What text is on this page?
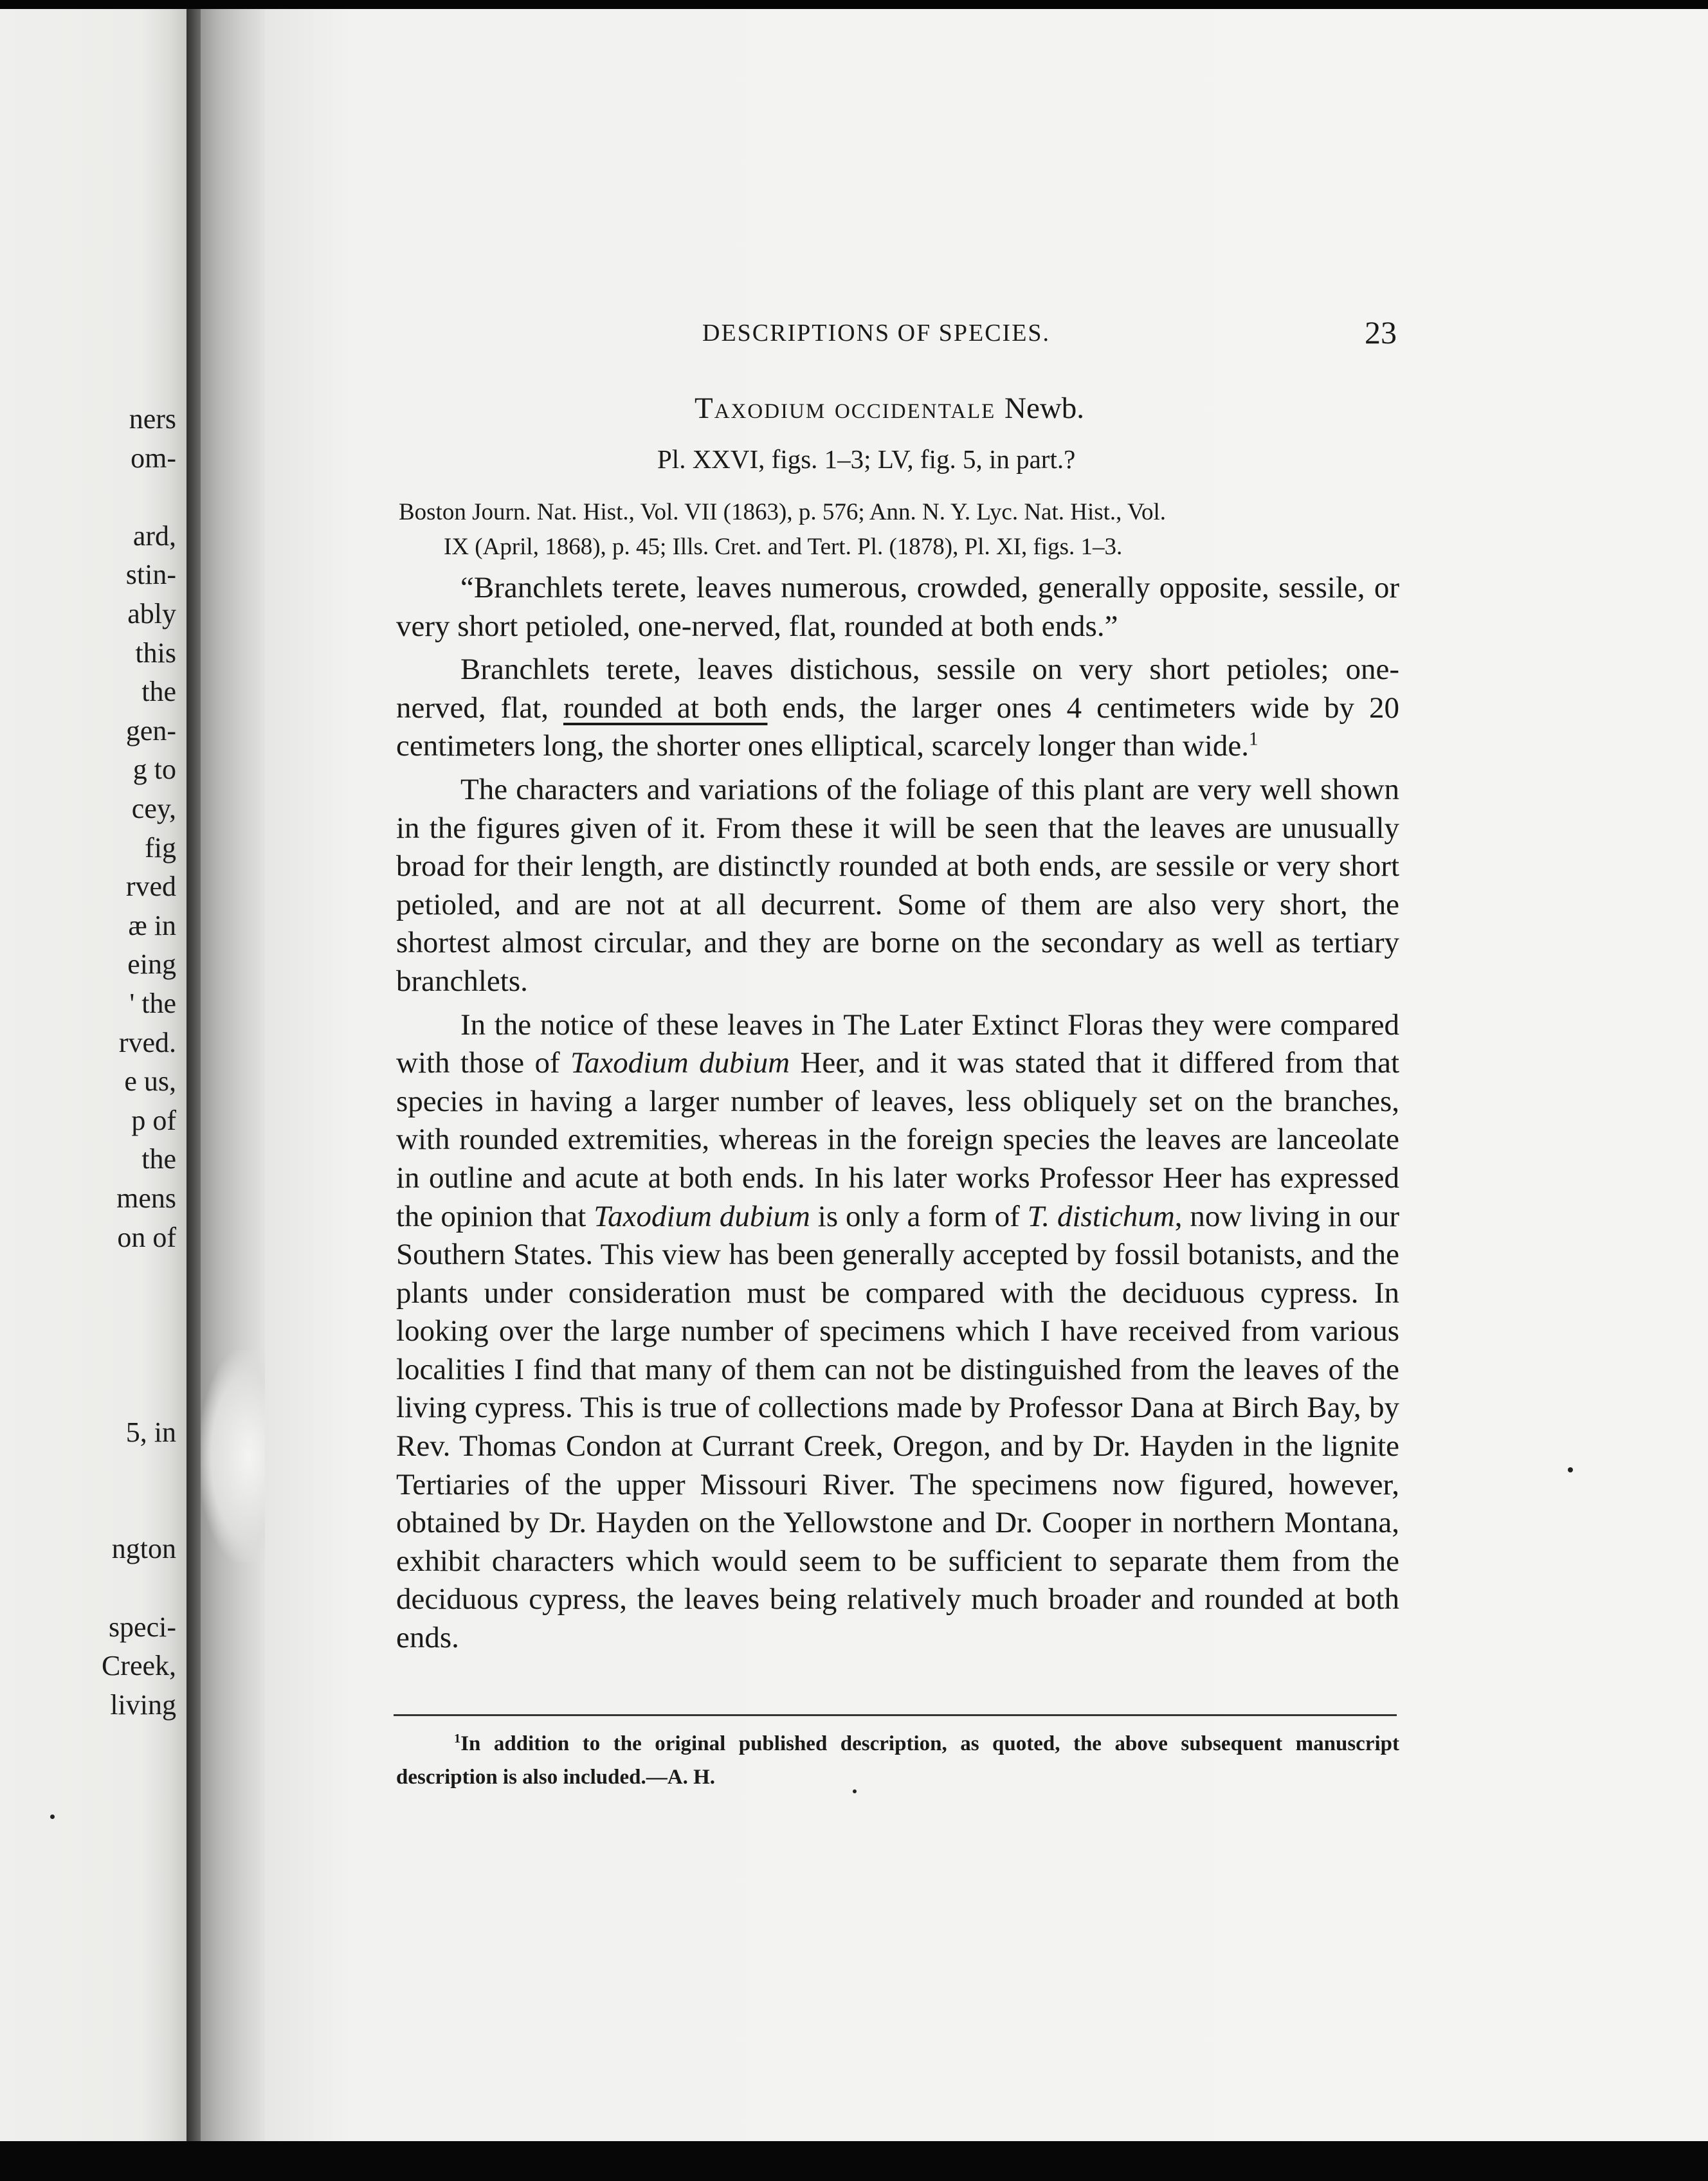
ners
om-
ard,
stin-
ably
this
the
gen-
g to
cey,
fig
rved
æ in
eing
' the
rved.
e us,
p of
the
mens
on of
5, in
ngton
speci-
Creek,
living
DESCRIPTIONS OF SPECIES.	23
Taxodium occidentale Newb.
Pl. XXVI, figs. 1–3; LV, fig. 5, in part.?
Boston Journ. Nat. Hist., Vol. VII (1863), p. 576; Ann. N. Y. Lyc. Nat. Hist., Vol.
IX (April, 1868), p. 45; Ills. Cret. and Tert. Pl. (1878), Pl. XI, figs. 1–3.

“Branchlets terete, leaves numerous, crowded, generally opposite, sessile, or very short petioled, one-nerved, flat, rounded at both ends.”

Branchlets terete, leaves distichous, sessile on very short petioles; one-nerved, flat, rounded at both ends, the larger ones 4 centimeters wide by 20 centimeters long, the shorter ones elliptical, scarcely longer than wide.$^1$

The characters and variations of the foliage of this plant are very well shown in the figures given of it. From these it will be seen that the leaves are unusually broad for their length, are distinctly rounded at both ends, are sessile or very short petioled, and are not at all decurrent. Some of them are also very short, the shortest almost circular, and they are borne on the secondary as well as tertiary branchlets.

In the notice of these leaves in The Later Extinct Floras they were compared with those of Taxodium dubium Heer, and it was stated that it differed from that species in having a larger number of leaves, less obliquely set on the branches, with rounded extremities, whereas in the foreign species the leaves are lanceolate in outline and acute at both ends. In his later works Professor Heer has expressed the opinion that Taxodium dubium is only a form of T. distichum, now living in our Southern States. This view has been generally accepted by fossil botanists, and the plants under consideration must be compared with the deciduous cypress. In looking over the large number of specimens which I have received from various localities I find that many of them can not be distinguished from the leaves of the living cypress. This is true of collections made by Professor Dana at Birch Bay, by Rev. Thomas Condon at Currant Creek, Oregon, and by Dr. Hayden in the lignite Tertiaries of the upper Missouri River. The specimens now figured, however, obtained by Dr. Hayden on the Yellowstone and Dr. Cooper in northern Montana, exhibit characters which would seem to be sufficient to separate them from the deciduous cypress, the leaves being relatively much broader and rounded at both ends.

$^1$In addition to the original published description, as quoted, the above subsequent manuscript description is also included.—A. H.
